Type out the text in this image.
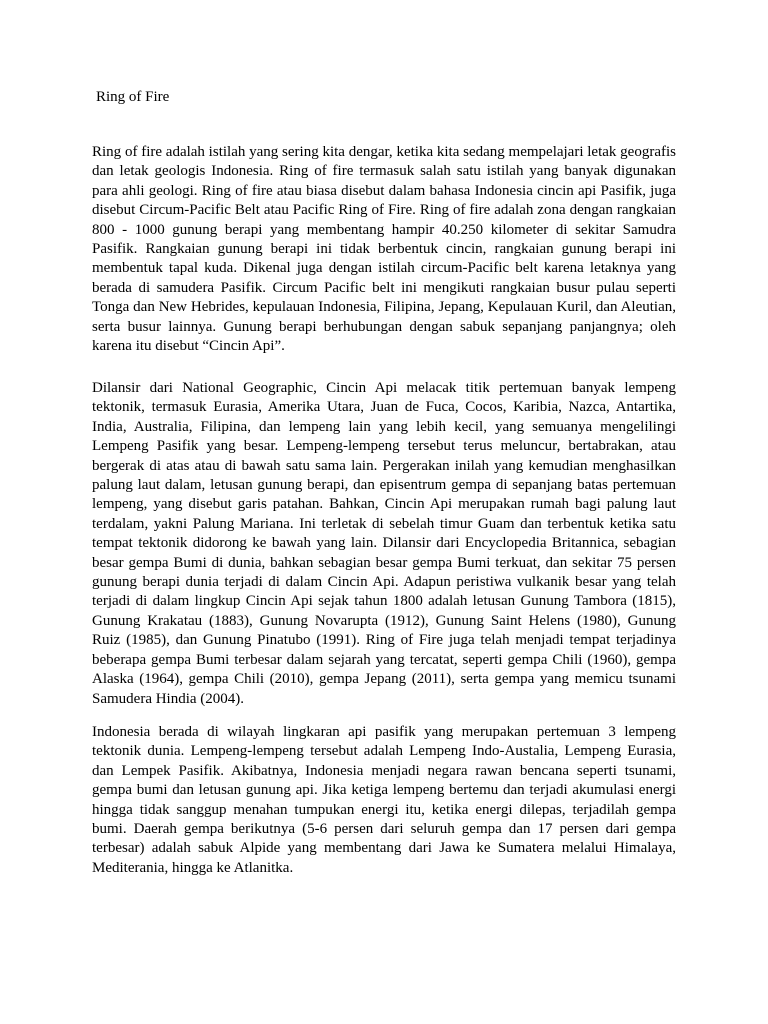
Ring of Fire

Ring of fire adalah istilah yang sering kita dengar, ketika kita sedang mempelajari letak geografis dan letak geologis Indonesia. Ring of fire termasuk salah satu istilah yang banyak digunakan para ahli geologi. Ring of fire atau biasa disebut dalam bahasa Indonesia cincin api Pasifik, juga disebut Circum-Pacific Belt atau Pacific Ring of Fire. Ring of fire adalah zona dengan rangkaian 800 - 1000 gunung berapi yang membentang hampir 40.250 kilometer di sekitar Samudra Pasifik. Rangkaian gunung berapi ini tidak berbentuk cincin, rangkaian gunung berapi ini membentuk tapal kuda. Dikenal juga dengan istilah circum-Pacific belt karena letaknya yang berada di samudera Pasifik. Circum Pacific belt ini mengikuti rangkaian busur pulau seperti Tonga dan New Hebrides, kepulauan Indonesia, Filipina, Jepang, Kepulauan Kuril, dan Aleutian, serta busur lainnya. Gunung berapi berhubungan dengan sabuk sepanjang panjangnya; oleh karena itu disebut “Cincin Api”.

Dilansir dari National Geographic, Cincin Api melacak titik pertemuan banyak lempeng tektonik, termasuk Eurasia, Amerika Utara, Juan de Fuca, Cocos, Karibia, Nazca, Antartika, India, Australia, Filipina, dan lempeng lain yang lebih kecil, yang semuanya mengelilingi Lempeng Pasifik yang besar. Lempeng-lempeng tersebut terus meluncur, bertabrakan, atau bergerak di atas atau di bawah satu sama lain. Pergerakan inilah yang kemudian menghasilkan palung laut dalam, letusan gunung berapi, dan episentrum gempa di sepanjang batas pertemuan lempeng, yang disebut garis patahan. Bahkan, Cincin Api merupakan rumah bagi palung laut terdalam, yakni Palung Mariana. Ini terletak di sebelah timur Guam dan terbentuk ketika satu tempat tektonik didorong ke bawah yang lain. Dilansir dari Encyclopedia Britannica, sebagian besar gempa Bumi di dunia, bahkan sebagian besar gempa Bumi terkuat, dan sekitar 75 persen gunung berapi dunia terjadi di dalam Cincin Api. Adapun peristiwa vulkanik besar yang telah terjadi di dalam lingkup Cincin Api sejak tahun 1800 adalah letusan Gunung Tambora (1815), Gunung Krakatau (1883), Gunung Novarupta (1912), Gunung Saint Helens (1980), Gunung Ruiz (1985), dan Gunung Pinatubo (1991). Ring of Fire juga telah menjadi tempat terjadinya beberapa gempa Bumi terbesar dalam sejarah yang tercatat, seperti gempa Chili (1960), gempa Alaska (1964), gempa Chili (2010), gempa Jepang (2011), serta gempa yang memicu tsunami Samudera Hindia (2004).

Indonesia berada di wilayah lingkaran api pasifik yang merupakan pertemuan 3 lempeng tektonik dunia. Lempeng-lempeng tersebut adalah Lempeng Indo-Austalia, Lempeng Eurasia, dan Lempek Pasifik. Akibatnya, Indonesia menjadi negara rawan bencana seperti tsunami, gempa bumi dan letusan gunung api. Jika ketiga lempeng bertemu dan terjadi akumulasi energi hingga tidak sanggup menahan tumpukan energi itu, ketika energi dilepas, terjadilah gempa bumi. Daerah gempa berikutnya (5-6 persen dari seluruh gempa dan 17 persen dari gempa terbesar) adalah sabuk Alpide yang membentang dari Jawa ke Sumatera melalui Himalaya, Mediterania, hingga ke Atlanitka.
